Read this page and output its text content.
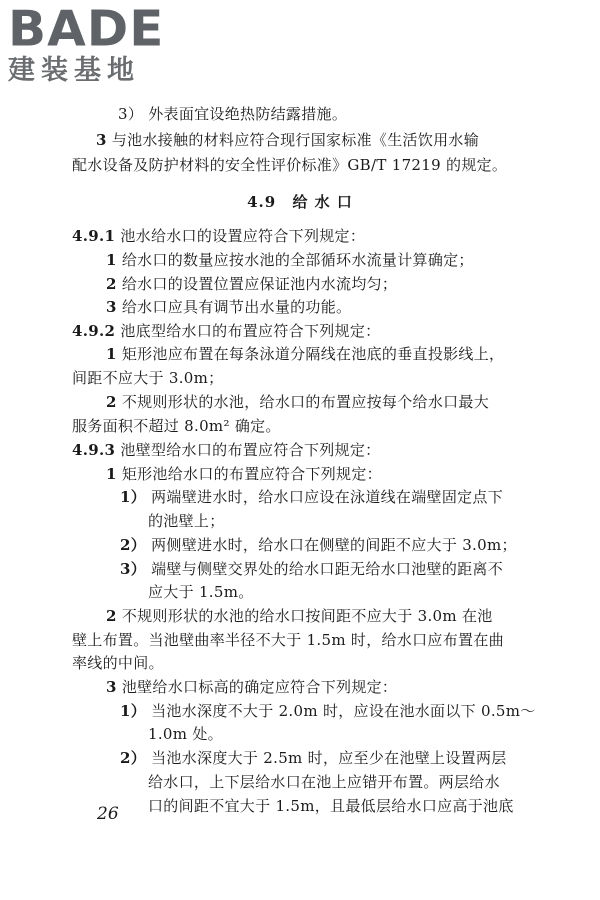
BADE
建装基地
3） 外表面宜设绝热防结露措施。
3 与池水接触的材料应符合现行国家标准《生活饮用水输
配水设备及防护材料的安全性评价标准》GB/T 17219 的规定。
4.9 给 水 口
4.9.1 池水给水口的设置应符合下列规定：
1 给水口的数量应按水池的全部循环水流量计算确定；
2 给水口的设置位置应保证池内水流均匀；
3 给水口应具有调节出水量的功能。
4.9.2 池底型给水口的布置应符合下列规定：
1 矩形池应布置在每条泳道分隔线在池底的垂直投影线上，
间距不应大于 3.0m；
2 不规则形状的水池，给水口的布置应按每个给水口最大
服务面积不超过 8.0m² 确定。
4.9.3 池壁型给水口的布置应符合下列规定：
1 矩形池给水口的布置应符合下列规定：
1） 两端壁进水时，给水口应设在泳道线在端壁固定点下
的池壁上；
2） 两侧壁进水时，给水口在侧壁的间距不应大于 3.0m；
3） 端壁与侧壁交界处的给水口距无给水口池壁的距离不
应大于 1.5m。
2 不规则形状的水池的给水口按间距不应大于 3.0m 在池
壁上布置。当池壁曲率半径不大于 1.5m 时，给水口应布置在曲
率线的中间。
3 池壁给水口标高的确定应符合下列规定：
1） 当池水深度不大于 2.0m 时，应设在池水面以下 0.5m～
1.0m 处。
2） 当池水深度大于 2.5m 时，应至少在池壁上设置两层
给水口，上下层给水口在池上应错开布置。两层给水
口的间距不宜大于 1.5m，且最低层给水口应高于池底
26
